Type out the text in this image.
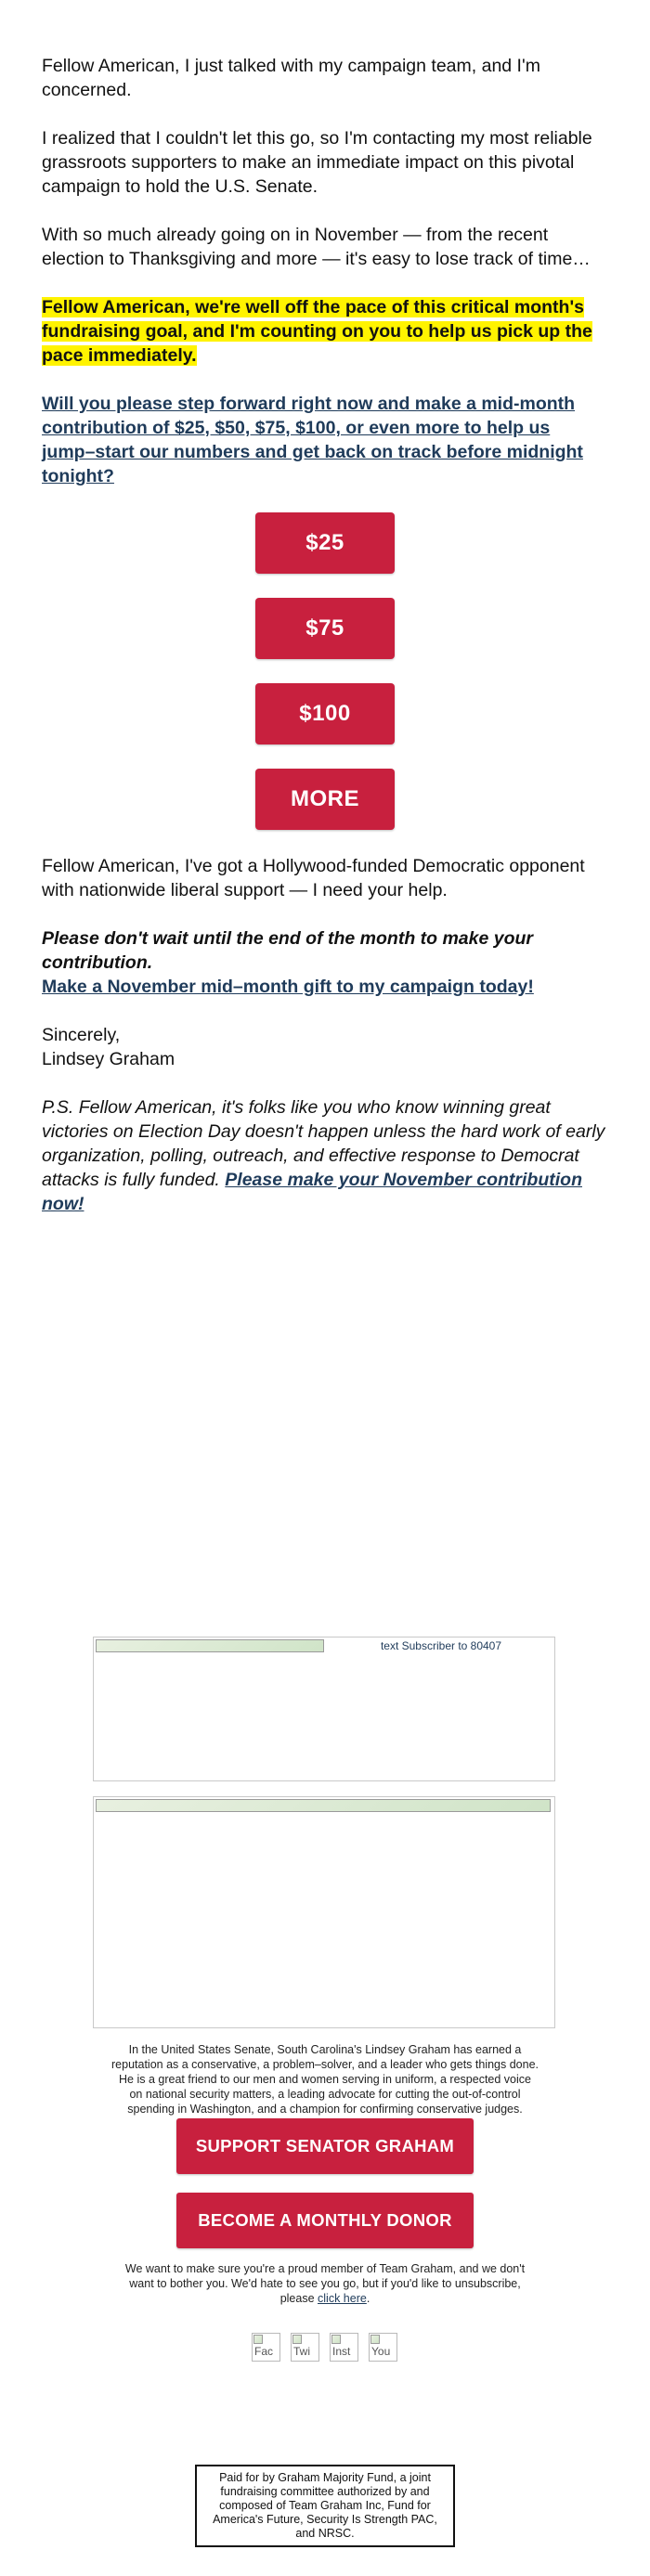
Fellow American, I just talked with my campaign team, and I'm concerned.

I realized that I couldn't let this go, so I'm contacting my most reliable grassroots supporters to make an immediate impact on this pivotal campaign to hold the U.S. Senate.

With so much already going on in November — from the recent election to Thanksgiving and more — it's easy to lose track of time…

Fellow American, we're well off the pace of this critical month's fundraising goal, and I'm counting on you to help us pick up the pace immediately.

Will you please step forward right now and make a mid-month contribution of $25, $50, $75, $100, or even more to help us jump–start our numbers and get back on track before midnight tonight?

$25
$75
$100
MORE

Fellow American, I've got a Hollywood-funded Democratic opponent with nationwide liberal support — I need your help.

Please don't wait until the end of the month to make your contribution.
Make a November mid–month gift to my campaign today!

Sincerely,
Lindsey Graham

P.S. Fellow American, it's folks like you who know winning great victories on Election Day doesn't happen unless the hard work of early organization, polling, outreach, and effective response to Democrat attacks is fully funded. Please make your November contribution now!

text Subscriber to 80407
In the United States Senate, South Carolina's Lindsey Graham has earned a reputation as a conservative, a problem–solver, and a leader who gets things done. He is a great friend to our men and women serving in uniform, a respected voice on national security matters, a leading advocate for cutting the out-of-control spending in Washington, and a champion for confirming conservative judges.
SUPPORT SENATOR GRAHAM
BECOME A MONTHLY DONOR
We want to make sure you're a proud member of Team Graham, and we don't want to bother you. We'd hate to see you go, but if you'd like to unsubscribe, please click here.
Fac Twi Inst You
Paid for by Graham Majority Fund, a joint fundraising committee authorized by and composed of Team Graham Inc, Fund for America's Future, Security Is Strength PAC, and NRSC.
